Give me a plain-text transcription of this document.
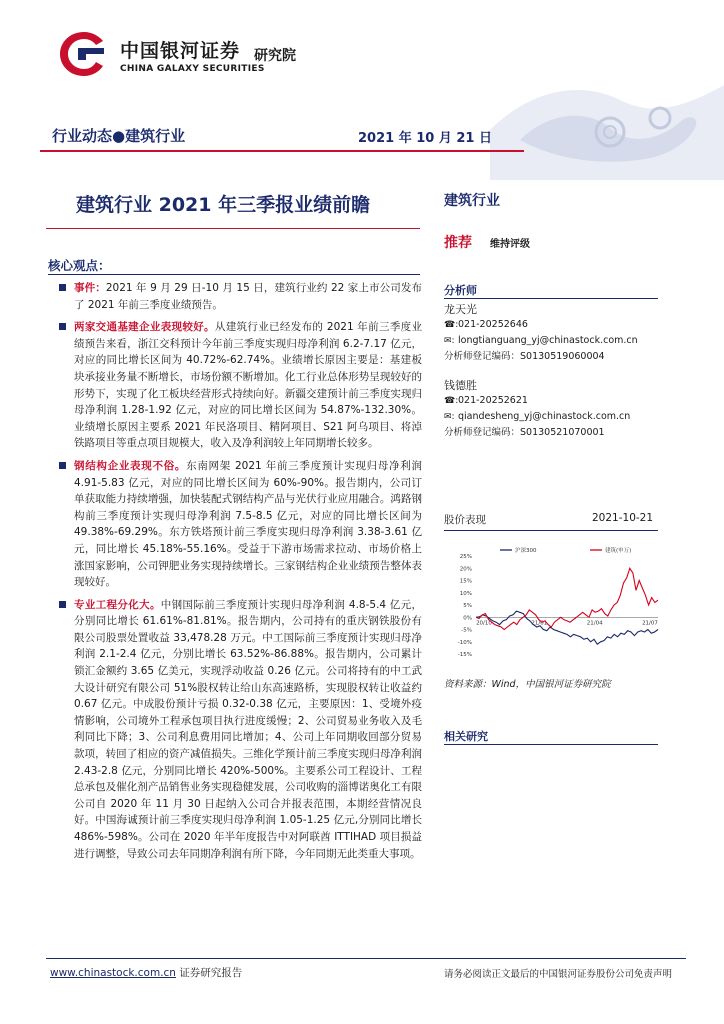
中国银河证券
CHINA GALAXY SECURITIES
研究院
行业动态●建筑行业	2021 年 10 月 21 日
建筑行业 2021 年三季报业绩前瞻
核心观点：
事件：2021 年 9 月 29 日-10 月 15 日，建筑行业约 22 家上市公司发布了 2021 年前三季度业绩预告。
两家交通基建企业表现较好。从建筑行业已经发布的 2021 年前三季度业绩预告来看，浙江交科预计今年前三季度实现归母净利润 6.2-7.17 亿元，对应的同比增长区间为 40.72%-62.74%。业绩增长原因主要是：基建板块承接业务量不断增长，市场份额不断增加。化工行业总体形势呈现较好的形势下，实现了化工板块经营形式持续向好。新疆交建预计前三季度实现归母净利润 1.28-1.92 亿元，对应的同比增长区间为 54.87%-132.30%。业绩增长原因主要系 2021 年民洛项目、精阿项目、S21 阿乌项目、将淖铁路项目等重点项目规模大，收入及净利润较上年同期增长较多。
钢结构企业表现不俗。东南网架 2021 年前三季度预计实现归母净利润 4.91-5.83 亿元，对应的同比增长区间为 60%-90%。报告期内，公司订单获取能力持续增强，加快装配式钢结构产品与光伏行业应用融合。鸿路钢构前三季度预计实现归母净利润 7.5-8.5 亿元，对应的同比增长区间为 49.38%-69.29%。东方铁塔预计前三季度实现归母净利润 3.38-3.61 亿元，同比增长 45.18%-55.16%。受益于下游市场需求拉动、市场价格上涨国家影响，公司钾肥业务实现持续增长。三家钢结构企业业绩预告整体表现较好。
专业工程分化大。中钢国际前三季度预计实现归母净利润 4.8-5.4 亿元，分别同比增长 61.61%-81.81%。报告期内，公司持有的重庆钢铁股份有限公司股票处置收益 33,478.28 万元。中工国际前三季度预计实现归母净利润 2.1-2.4 亿元，分别比增长 63.52%-86.88%。报告期内，公司累计锁汇金额约 3.65 亿美元，实现浮动收益 0.26 亿元。公司将持有的中工武大设计研究有限公司 51%股权转让给山东高速路桥，实现股权转让收益约 0.67 亿元。中成股份预计亏损 0.32-0.38 亿元，主要原因：1、受境外疫情影响，公司境外工程承包项目执行进度缓慢；2、公司贸易业务收入及毛利同比下降；3、公司利息费用同比增加；4、公司上年同期收回部分贸易款项，转回了相应的资产减值损失。三维化学预计前三季度实现归母净利润 2.43-2.8 亿元，分别同比增长 420%-500%。主要系公司工程设计、工程总承包及催化剂产品销售业务实现稳健发展，公司收购的淄博诺奥化工有限公司自 2020 年 11 月 30 日起纳入公司合并报表范围，本期经营情况良好。中国海诚预计前三季度实现归母净利润 1.05-1.25 亿元,分别同比增长 486%-598%。公司在 2020 年半年度报告中对阿联酋 ITTIHAD 项目损益进行调整，导致公司去年同期净利润有所下降，今年同期无此类重大事项。
建筑行业
推荐 维持评级
分析师
龙天光
☎:021-20252646
✉: longtianguang_yj@chinastock.com.cn
分析师登记编码：S0130519060004
钱德胜
☎:021-20252621
✉: qiandesheng_yj@chinastock.com.cn
分析师登记编码：S0130521070001
股价表现	2021-10-21
25%
20%
15%
10%
5%
0%
-5%
-10%
-15%
20/10	21/01	21/04	21/07
沪深300	建筑(申万)
资料来源：Wind，中国银河证券研究院
相关研究
www.chinastock.com.cn 证券研究报告	请务必阅读正文最后的中国银河证券股份公司免责声明
